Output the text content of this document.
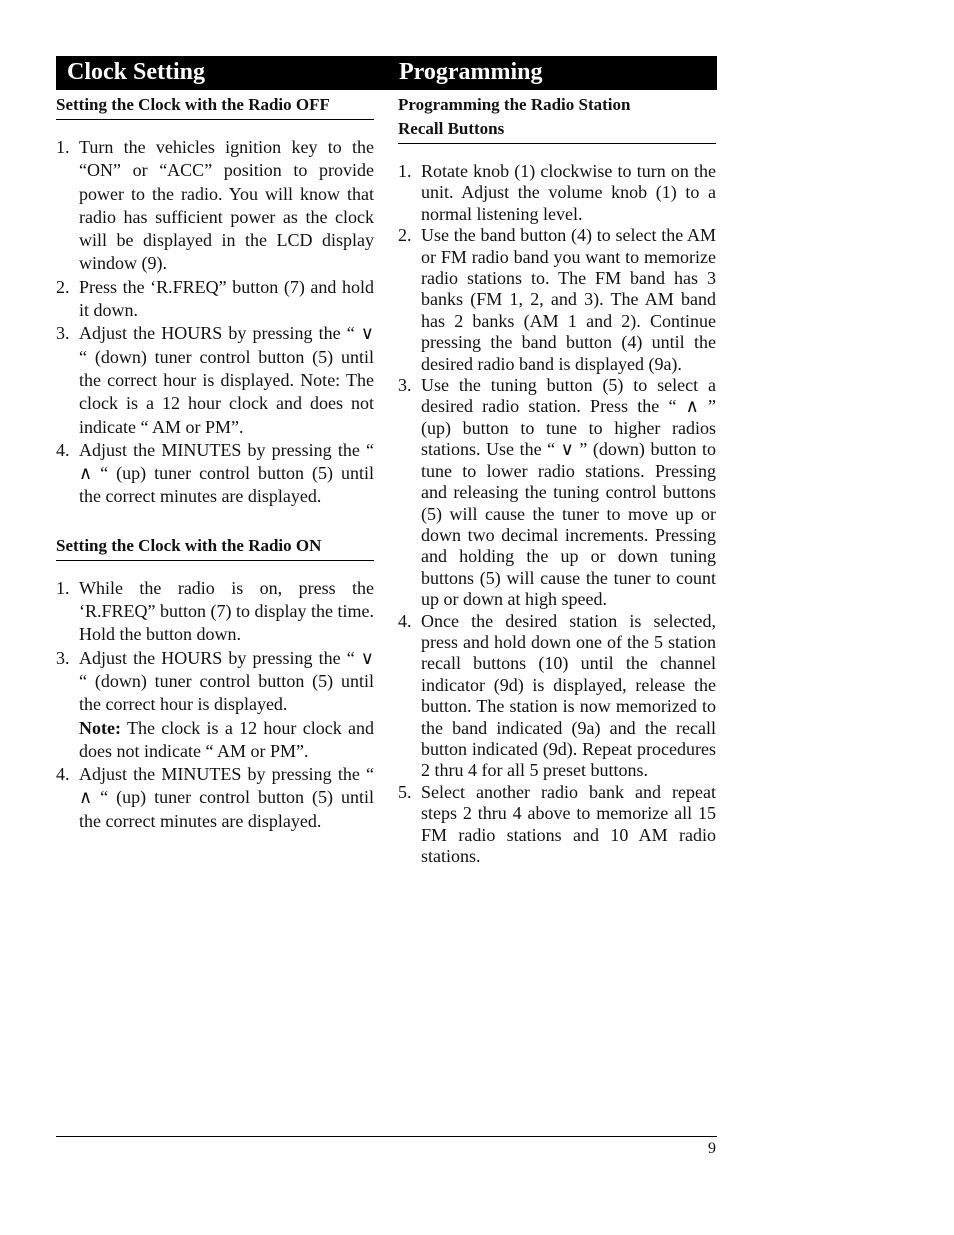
Clock Setting	Programming
Setting the Clock with the Radio OFF
1. Turn the vehicles ignition key to the “ON” or “ACC” position to provide power to the radio. You will know that radio has sufficient power as the clock will be displayed in the LCD display window (9).
2. Press the ‘R.FREQ” button (7) and hold it down.
3. Adjust the HOURS by pressing the “ ∨ “ (down) tuner control button (5) until the correct hour is displayed. Note: The clock is a 12 hour clock and does not indicate “ AM or PM”.
4. Adjust the MINUTES by pressing the “ ∧ “ (up) tuner control button (5) until the correct minutes are displayed.
Setting the Clock with the Radio ON
1. While the radio is on, press the ‘R.FREQ” button (7) to display the time. Hold the button down.
3. Adjust the HOURS by pressing the “ ∨ “ (down) tuner control button (5) until the correct hour is displayed.
Note: The clock is a 12 hour clock and does not indicate “ AM or PM”.
4. Adjust the MINUTES by pressing the “ ∧ “ (up) tuner control button (5) until the correct minutes are displayed.
Programming the Radio Station
Recall Buttons
1. Rotate knob (1) clockwise to turn on the unit. Adjust the volume knob (1) to a normal listening level.
2. Use the band button (4) to select the AM or FM radio band you want to memorize radio stations to. The FM band has 3 banks (FM 1, 2, and 3). The AM band has 2 banks (AM 1 and 2). Continue pressing the band button (4) until the desired radio band is displayed (9a).
3. Use the tuning button (5) to select a desired radio station. Press the “ ∧ ” (up) button to tune to higher radios stations. Use the “ ∨ ” (down) button to tune to lower radio stations. Pressing and releasing the tuning control buttons (5) will cause the tuner to move up or down two decimal increments. Pressing and holding the up or down tuning buttons (5) will cause the tuner to count up or down at high speed.
4. Once the desired station is selected, press and hold down one of the 5 station recall buttons (10) until the channel indicator (9d) is displayed, release the button. The station is now memorized to the band indicated (9a) and the recall button indicated (9d). Repeat procedures 2 thru 4 for all 5 preset buttons.
5. Select another radio bank and repeat steps 2 thru 4 above to memorize all 15 FM radio stations and 10 AM radio stations.
9
